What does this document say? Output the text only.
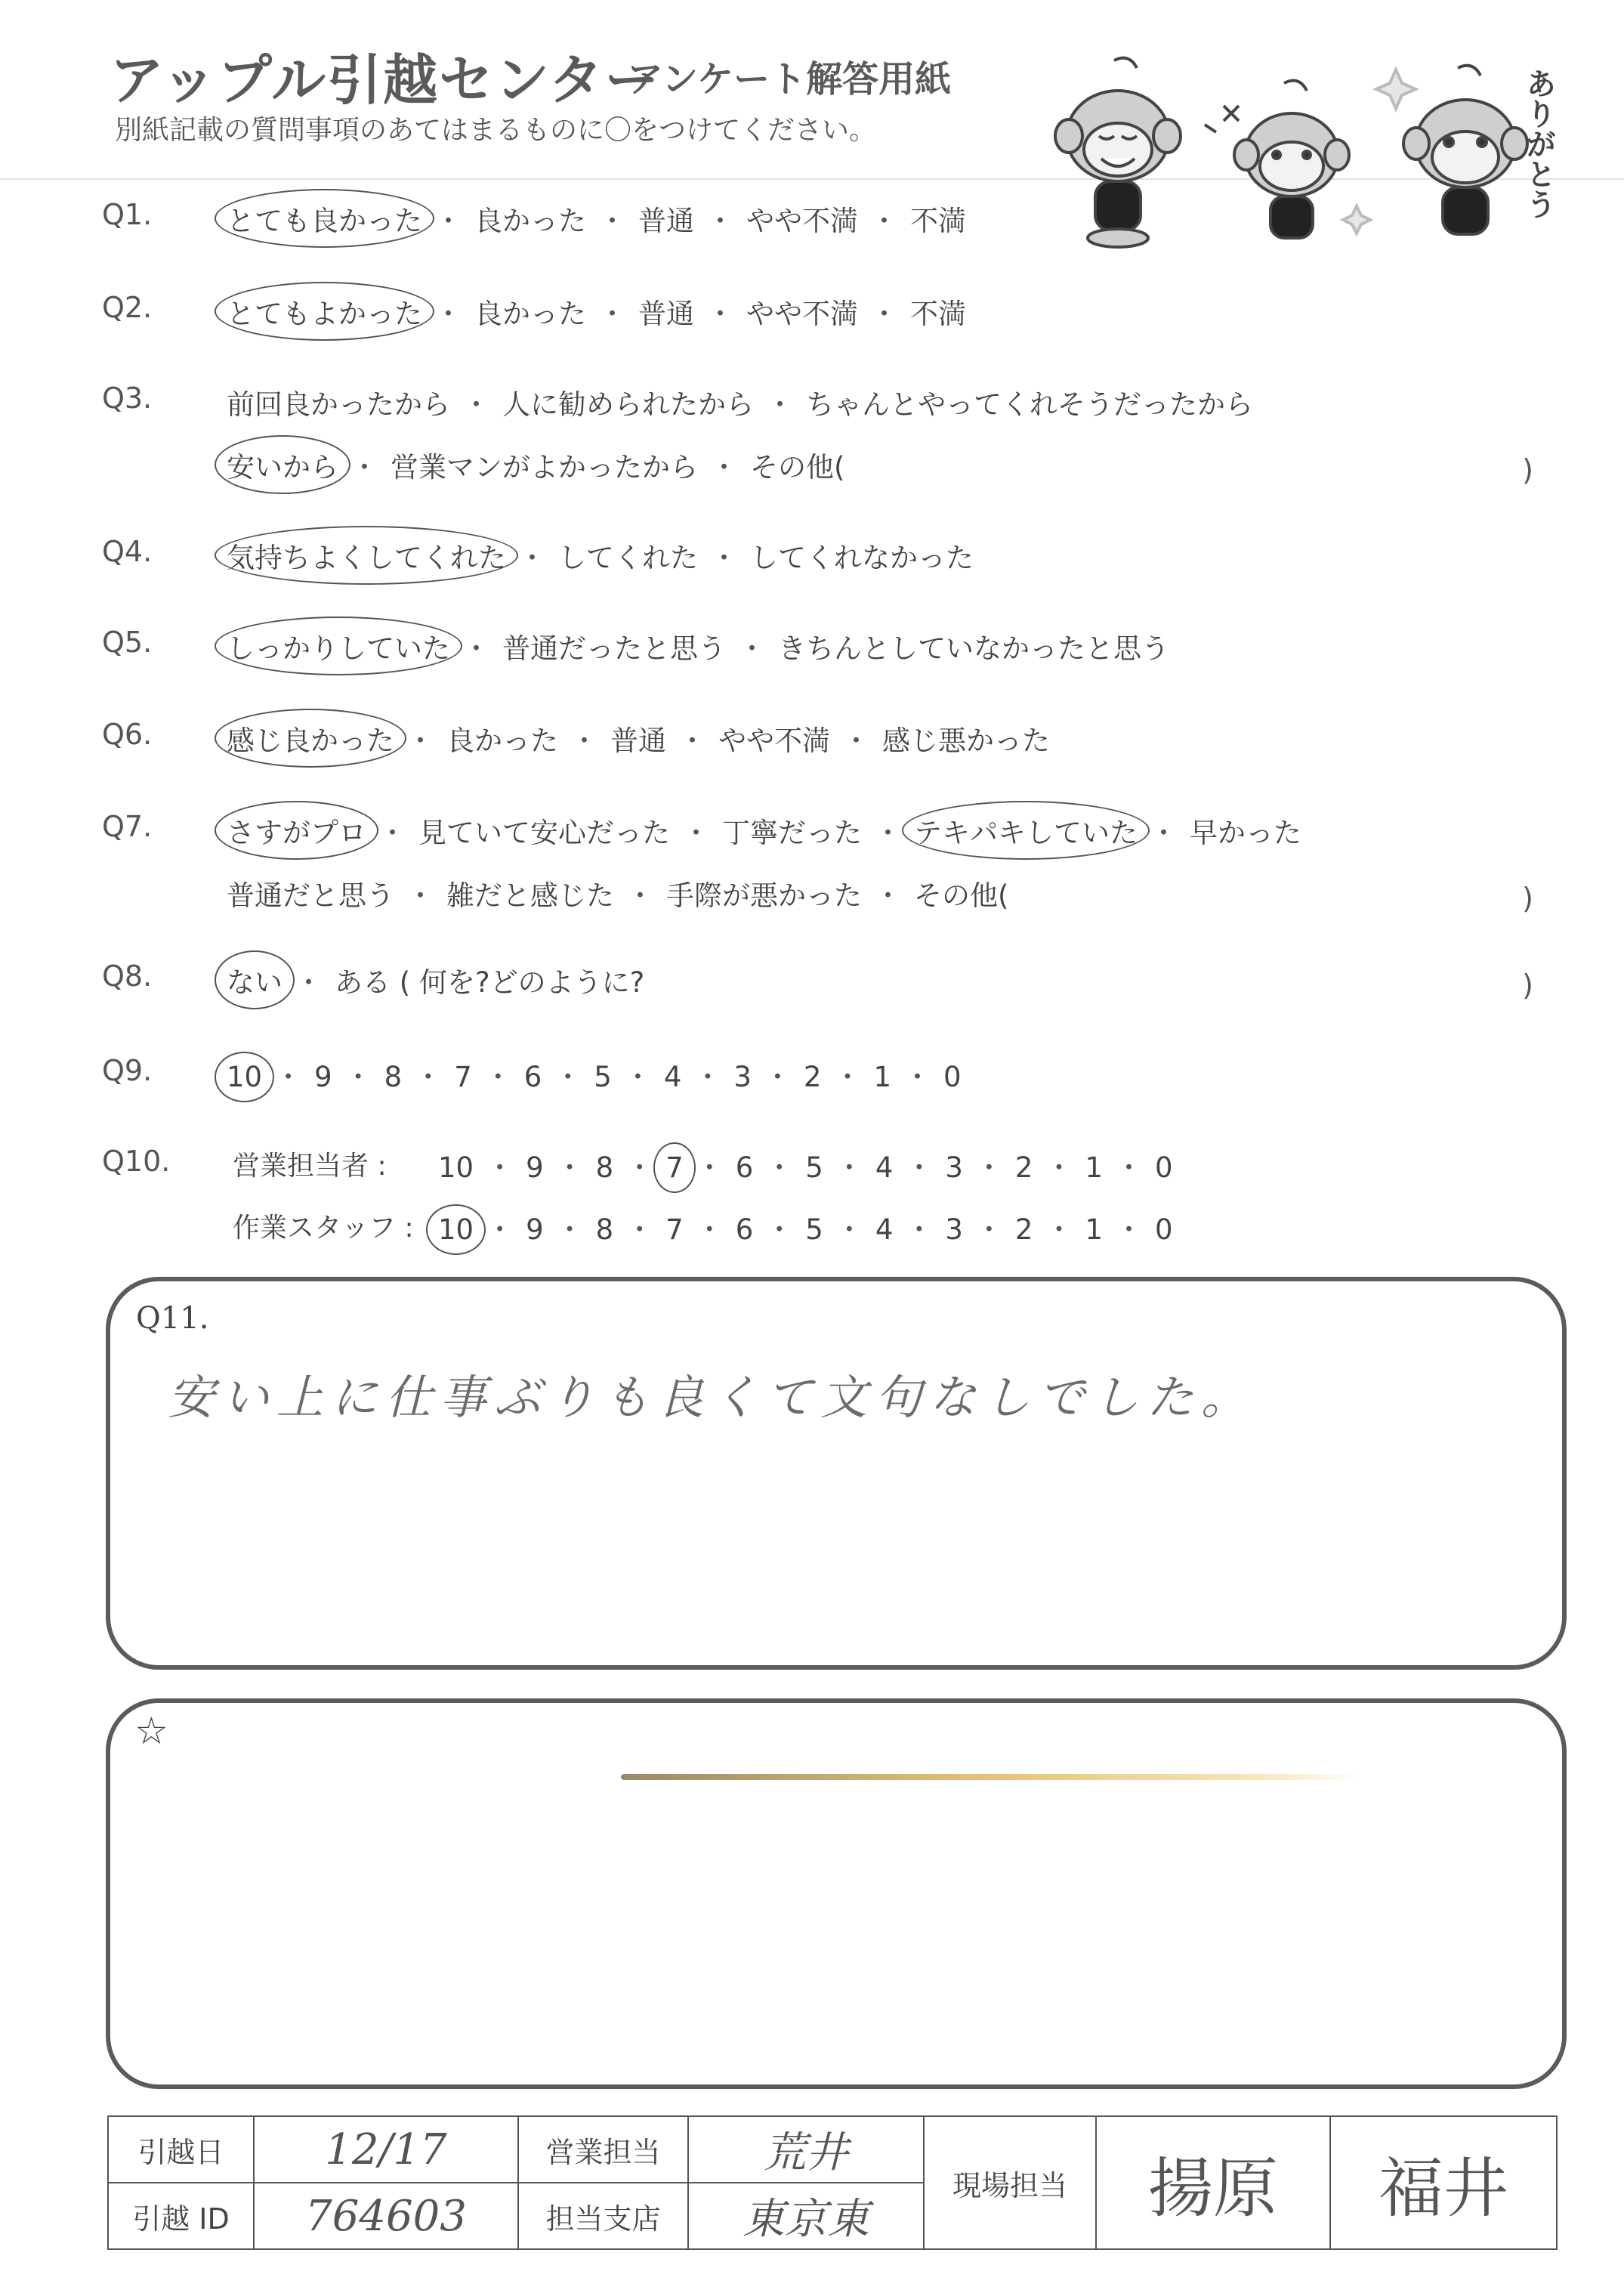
アップル引越センター
アンケート解答用紙
別紙記載の質問事項のあてはまるものに〇をつけてください。	ありがとう
Q1.	とても良かった ・ 良かった ・ 普通 ・ やや不満 ・ 不満
Q2.	とてもよかった ・ 良かった ・ 普通 ・ やや不満 ・ 不満
Q3.	前回良かったから ・ 人に勧められたから ・ ちゃんとやってくれそうだったから
安いから ・ 営業マンがよかったから ・ その他(	)
Q4.	気持ちよくしてくれた ・ してくれた ・ してくれなかった
Q5.	しっかりしていた ・ 普通だったと思う ・ きちんとしていなかったと思う
Q6.	感じ良かった ・ 良かった ・ 普通 ・ やや不満 ・ 感じ悪かった
Q7.	さすがプロ ・ 見ていて安心だった ・ 丁寧だった ・ テキパキしていた ・ 早かった
普通だと思う ・ 雑だと感じた ・ 手際が悪かった ・ その他(	)
Q8.	ない ・ ある ( 何を?どのように?	)
Q9.	10 ・ 9 ・ 8 ・ 7 ・ 6 ・ 5 ・ 4 ・ 3 ・ 2 ・ 1 ・ 0
Q10. 営業担当者 : 10 ・ 9 ・ 8 ・ 7 ・ 6 ・ 5 ・ 4 ・ 3 ・ 2 ・ 1 ・ 0
作業スタッフ : 10 ・ 9 ・ 8 ・ 7 ・ 6 ・ 5 ・ 4 ・ 3 ・ 2 ・ 1 ・ 0
Q11.
安い上に仕事ぶりも良くて文句なしでした。
☆
引越日	12/17	営業担当	荒井	現場担当	揚原	福井
引越 ID	764603	担当支店	東京東			
